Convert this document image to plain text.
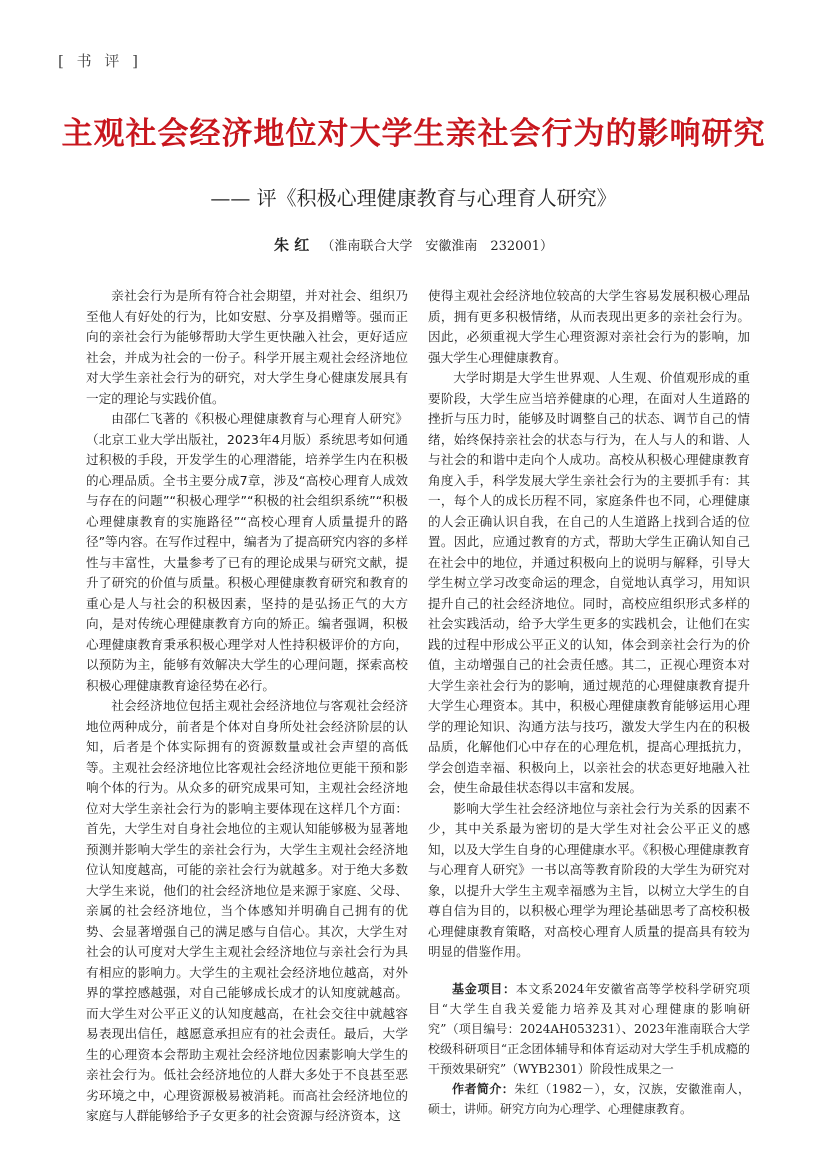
[ 书 评 ]
主观社会经济地位对大学生亲社会行为的影响研究
—— 评《积极心理健康教育与心理育人研究》
朱 红 （淮南联合大学　安徽淮南　232001）

亲社会行为是所有符合社会期望，并对社会、组织乃至他人有好处的行为，比如安慰、分享及捐赠等。强而正向的亲社会行为能够帮助大学生更快融入社会，更好适应社会，并成为社会的一份子。科学开展主观社会经济地位对大学生亲社会行为的研究，对大学生身心健康发展具有一定的理论与实践价值。

由邵仁飞著的《积极心理健康教育与心理育人研究》（北京工业大学出版社，2023年4月版）系统思考如何通过积极的手段，开发学生的心理潜能，培养学生内在积极的心理品质。全书主要分成7章，涉及“高校心理育人成效与存在的问题”“积极心理学”“积极的社会组织系统”“积极心理健康教育的实施路径”“高校心理育人质量提升的路径”等内容。在写作过程中，编者为了提高研究内容的多样性与丰富性，大量参考了已有的理论成果与研究文献，提升了研究的价值与质量。积极心理健康教育研究和教育的重心是人与社会的积极因素，坚持的是弘扬正气的大方向，是对传统心理健康教育方向的矫正。编者强调，积极心理健康教育秉承积极心理学对人性持积极评价的方向，以预防为主，能够有效解决大学生的心理问题，探索高校积极心理健康教育途径势在必行。

社会经济地位包括主观社会经济地位与客观社会经济地位两种成分，前者是个体对自身所处社会经济阶层的认知，后者是个体实际拥有的资源数量或社会声望的高低等。主观社会经济地位比客观社会经济地位更能干预和影响个体的行为。从众多的研究成果可知，主观社会经济地位对大学生亲社会行为的影响主要体现在这样几个方面：首先，大学生对自身社会地位的主观认知能够极为显著地预测并影响大学生的亲社会行为，大学生主观社会经济地位认知度越高，可能的亲社会行为就越多。对于绝大多数大学生来说，他们的社会经济地位是来源于家庭、父母、亲属的社会经济地位，当个体感知并明确自己拥有的优势、会显著增强自己的满足感与自信心。其次，大学生对社会的认可度对大学生主观社会经济地位与亲社会行为具有相应的影响力。大学生的主观社会经济地位越高，对外界的掌控感越强，对自己能够成长成才的认知度就越高。而大学生对公平正义的认知度越高，在社会交往中就越容易表现出信任，越愿意承担应有的社会责任。最后，大学生的心理资本会帮助主观社会经济地位因素影响大学生的亲社会行为。低社会经济地位的人群大多处于不良甚至恶劣环境之中，心理资源极易被消耗。而高社会经济地位的家庭与人群能够给予子女更多的社会资源与经济资本，这

使得主观社会经济地位较高的大学生容易发展积极心理品质，拥有更多积极情绪，从而表现出更多的亲社会行为。因此，必须重视大学生心理资源对亲社会行为的影响，加强大学生心理健康教育。

大学时期是大学生世界观、人生观、价值观形成的重要阶段，大学生应当培养健康的心理，在面对人生道路的挫折与压力时，能够及时调整自己的状态、调节自己的情绪，始终保持亲社会的状态与行为，在人与人的和谐、人与社会的和谐中走向个人成功。高校从积极心理健康教育角度入手，科学发展大学生亲社会行为的主要抓手有：其一，每个人的成长历程不同，家庭条件也不同，心理健康的人会正确认识自我，在自己的人生道路上找到合适的位置。因此，应通过教育的方式，帮助大学生正确认知自己在社会中的地位，并通过积极向上的说明与解释，引导大学生树立学习改变命运的理念，自觉地认真学习，用知识提升自己的社会经济地位。同时，高校应组织形式多样的社会实践活动，给予大学生更多的实践机会，让他们在实践的过程中形成公平正义的认知，体会到亲社会行为的价值，主动增强自己的社会责任感。其二，正视心理资本对大学生亲社会行为的影响，通过规范的心理健康教育提升大学生心理资本。其中，积极心理健康教育能够运用心理学的理论知识、沟通方法与技巧，激发大学生内在的积极品质，化解他们心中存在的心理危机，提高心理抵抗力，学会创造幸福、积极向上，以亲社会的状态更好地融入社会，使生命最佳状态得以丰富和发展。

影响大学生社会经济地位与亲社会行为关系的因素不少，其中关系最为密切的是大学生对社会公平正义的感知，以及大学生自身的心理健康水平。《积极心理健康教育与心理育人研究》一书以高等教育阶段的大学生为研究对象，以提升大学生主观幸福感为主旨，以树立大学生的自尊自信为目的，以积极心理学为理论基础思考了高校积极心理健康教育策略，对高校心理育人质量的提高具有较为明显的借鉴作用。

基金项目：本文系2024年安徽省高等学校科学研究项目“大学生自我关爱能力培养及其对心理健康的影响研究”（项目编号：2024AH053231）、2023年淮南联合大学校级科研项目“正念团体辅导和体育运动对大学生手机成瘾的干预效果研究”（WYB2301）阶段性成果之一

作者简介：朱红（1982－），女，汉族，安徽淮南人，硕士，讲师。研究方向为心理学、心理健康教育。
